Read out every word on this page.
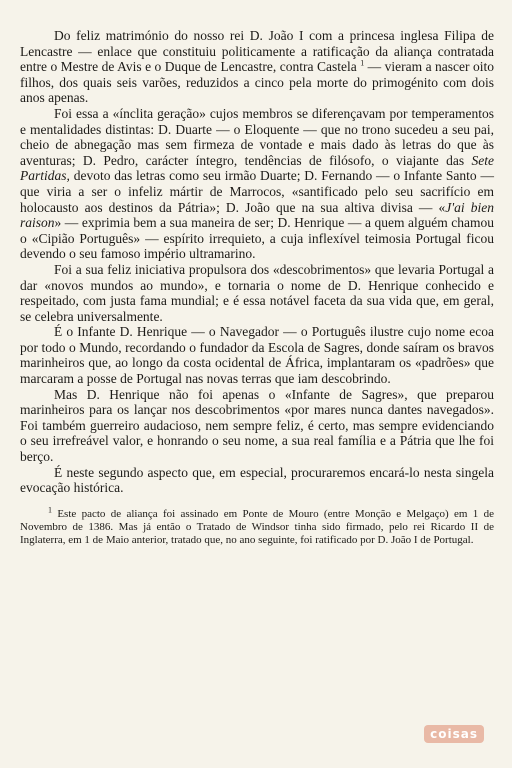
Do feliz matrimónio do nosso rei D. João I com a princesa inglesa Filipa de Lencastre — enlace que constituiu politicamente a ratificação da aliança contratada entre o Mestre de Avis e o Duque de Lencastre, contra Castela $^1$ — vieram a nascer oito filhos, dos quais seis varões, reduzidos a cinco pela morte do primogénito com dois anos apenas.

Foi essa a «ínclita geração» cujos membros se diferençavam por temperamentos e mentalidades distintas: D. Duarte — o Eloquente — que no trono sucedeu a seu pai, cheio de abnegação mas sem firmeza de vontade e mais dado às letras do que às aventuras; D. Pedro, carácter íntegro, tendências de filósofo, o viajante das Sete Partidas, devoto das letras como seu irmão Duarte; D. Fernando — o Infante Santo — que viria a ser o infeliz mártir de Marrocos, «santificado pelo seu sacrifício em holocausto aos destinos da Pátria»; D. João que na sua altiva divisa — «J'ai bien raison» — exprimia bem a sua maneira de ser; D. Henrique — a quem alguém chamou o «Cipião Português» — espírito irrequieto, a cuja inflexível teimosia Portugal ficou devendo o seu famoso império ultramarino.

Foi a sua feliz iniciativa propulsora dos «descobrimentos» que levaria Portugal a dar «novos mundos ao mundo», e tornaria o nome de D. Henrique conhecido e respeitado, com justa fama mundial; e é essa notável faceta da sua vida que, em geral, se celebra universalmente.

É o Infante D. Henrique — o Navegador — o Português ilustre cujo nome ecoa por todo o Mundo, recordando o fundador da Escola de Sagres, donde saíram os bravos marinheiros que, ao longo da costa ocidental de África, implantaram os «padrões» que marcaram a posse de Portugal nas novas terras que iam descobrindo.

Mas D. Henrique não foi apenas o «Infante de Sagres», que preparou marinheiros para os lançar nos descobrimentos «por mares nunca dantes navegados». Foi também guerreiro audacioso, nem sempre feliz, é certo, mas sempre evidenciando o seu irrefreável valor, e honrando o seu nome, a sua real família e a Pátria que lhe foi berço.

É neste segundo aspecto que, em especial, procuraremos encará-lo nesta singela evocação histórica.

$^1$ Este pacto de aliança foi assinado em Ponte de Mouro (entre Monção e Melgaço) em 1 de Novembro de 1386. Mas já então o Tratado de Windsor tinha sido firmado, pelo rei Ricardo II de Inglaterra, em 1 de Maio anterior, tratado que, no ano seguinte, foi ratificado por D. João I de Portugal.

coisas
